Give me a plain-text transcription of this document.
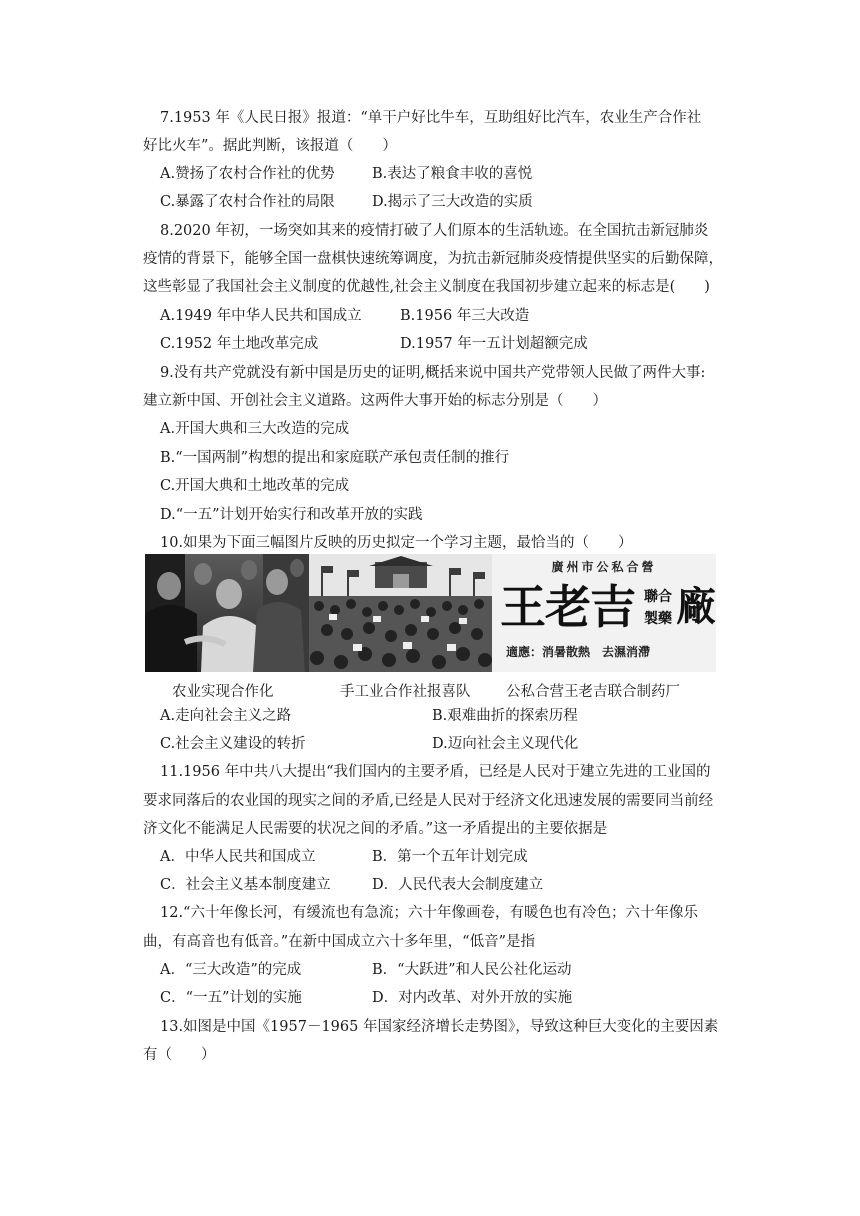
7.1953 年《人民日报》报道：“单干户好比牛车，互助组好比汽车，农业生产合作社
好比火车”。据此判断，该报道（　　）
A.赞扬了农村合作社的优势	B.表达了粮食丰收的喜悦
C.暴露了农村合作社的局限	D.揭示了三大改造的实质
8.2020 年初，一场突如其来的疫情打破了人们原本的生活轨迹。在全国抗击新冠肺炎
疫情的背景下，能够全国一盘棋快速统筹调度，为抗击新冠肺炎疫情提供坚实的后勤保障，
这些彰显了我国社会主义制度的优越性,社会主义制度在我国初步建立起来的标志是(　　)
A.1949 年中华人民共和国成立	B.1956 年三大改造
C.1952 年土地改革完成	D.1957 年一五计划超额完成
9.没有共产党就没有新中国是历史的证明,概括来说中国共产党带领人民做了两件大事:
建立新中国、开创社会主义道路。这两件大事开始的标志分别是（　　）
A.开国大典和三大改造的完成
B.“一国两制”构想的提出和家庭联产承包责任制的推行
C.开国大典和土地改革的完成
D.“一五”计划开始实行和改革开放的实践
10.如果为下面三幅图片反映的历史拟定一个学习主题，最恰当的（　　）
廣州市公私合營
王老吉 聯合
製藥 廠
適應：消暑散熱　去濕消滯
农业实现合作化	手工业合作社报喜队 公私合营王老吉联合制药厂
A.走向社会主义之路	B.艰难曲折的探索历程
C.社会主义建设的转折	D.迈向社会主义现代化
11.1956 年中共八大提出“我们国内的主要矛盾，已经是人民对于建立先进的工业国的
要求同落后的农业国的现实之间的矛盾,已经是人民对于经济文化迅速发展的需要同当前经
济文化不能满足人民需要的状况之间的矛盾。”这一矛盾提出的主要依据是
A．中华人民共和国成立	B．第一个五年计划完成
C．社会主义基本制度建立	D．人民代表大会制度建立
12.“六十年像长河，有缓流也有急流；六十年像画卷，有暖色也有冷色；六十年像乐
曲，有高音也有低音。”在新中国成立六十多年里，“低音”是指
A．“三大改造”的完成	B．“大跃进”和人民公社化运动
C．“一五”计划的实施	D．对内改革、对外开放的实施
13.如图是中国《1957－1965 年国家经济增长走势图》，导致这种巨大变化的主要因素
有（　　）
